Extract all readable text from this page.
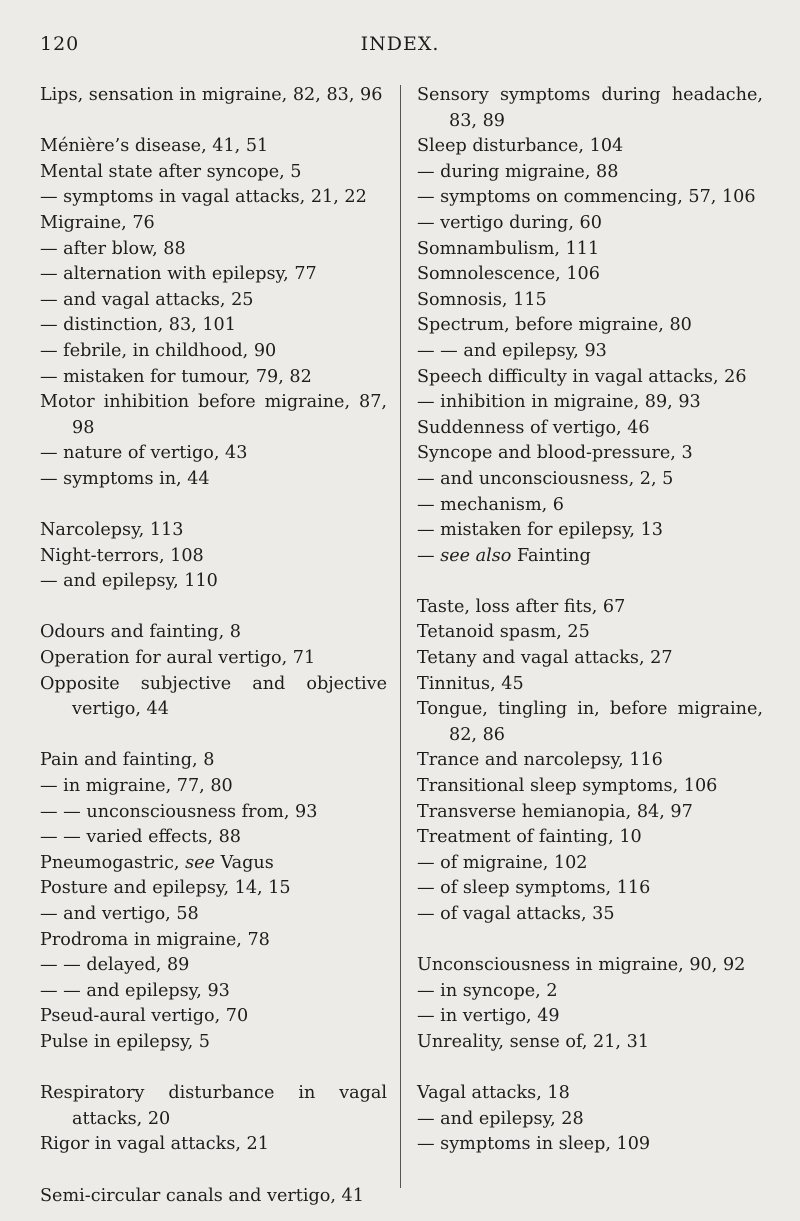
120	INDEX.

Lips, sensation in migraine, 82, 83, 96

Ménière’s disease, 41, 51

Mental state after syncope, 5

— symptoms in vagal attacks, 21, 22

Migraine, 76

— after blow, 88

— alternation with epilepsy, 77

— and vagal attacks, 25

— distinction, 83, 101

— febrile, in childhood, 90

— mistaken for tumour, 79, 82

Motor inhibition before migraine, 87, 98

— nature of vertigo, 43

— symptoms in, 44

Narcolepsy, 113

Night-terrors, 108

— and epilepsy, 110

Odours and fainting, 8

Operation for aural vertigo, 71

Opposite subjective and objective vertigo, 44

Pain and fainting, 8

— in migraine, 77, 80

— — unconsciousness from, 93

— — varied effects, 88

Pneumogastric, see Vagus

Posture and epilepsy, 14, 15

— and vertigo, 58

Prodroma in migraine, 78

— — delayed, 89

— — and epilepsy, 93

Pseud-aural vertigo, 70

Pulse in epilepsy, 5

Respiratory disturbance in vagal attacks, 20

Rigor in vagal attacks, 21

Semi-circular canals and vertigo, 41

Sensory symptoms during headache, 83, 89

Sleep disturbance, 104

— during migraine, 88

— symptoms on commencing, 57, 106

— vertigo during, 60

Somnambulism, 111

Somnolescence, 106

Somnosis, 115

Spectrum, before migraine, 80

— — and epilepsy, 93

Speech difficulty in vagal attacks, 26

— inhibition in migraine, 89, 93

Suddenness of vertigo, 46

Syncope and blood-pressure, 3

— and unconsciousness, 2, 5

— mechanism, 6

— mistaken for epilepsy, 13

— see also Fainting

Taste, loss after fits, 67

Tetanoid spasm, 25

Tetany and vagal attacks, 27

Tinnitus, 45

Tongue, tingling in, before migraine, 82, 86

Trance and narcolepsy, 116

Transitional sleep symptoms, 106

Transverse hemianopia, 84, 97

Treatment of fainting, 10

— of migraine, 102

— of sleep symptoms, 116

— of vagal attacks, 35

Unconsciousness in migraine, 90, 92

— in syncope, 2

— in vertigo, 49

Unreality, sense of, 21, 31

Vagal attacks, 18

— and epilepsy, 28

— symptoms in sleep, 109
